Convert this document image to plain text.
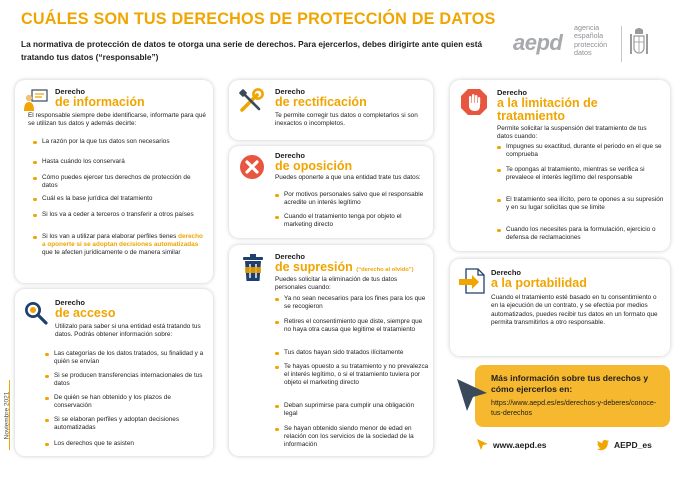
CUÁLES SON TUS DERECHOS DE PROTECCIÓN DE DATOS
La normativa de protección de datos te otorga una serie de derechos. Para ejercerlos, debes dirigirte ante quien está tratando tus datos (“responsable”)
aepd
agencia
española
protección
datos
Derecho
de información
El responsable siempre debe identificarse, informarte para qué se utilizan tus datos y además decirte:
La razón por la que tus datos son necesarios
Hasta cuándo los conservará
Cómo puedes ejercer tus derechos de protección de datos
Cuál es la base jurídica del tratamiento
Si los va a ceder a terceros o transferir a otros países
Si los van a utilizar para elaborar perfiles tienes derecho a oponerte si se adoptan decisiones automatizadas que te afecten jurídicamente o de manera similar
Derecho
de acceso
Utilizalo para saber si una entidad está tratando tus datos. Podrás obtener información sobre:
Las categorías de los datos tratados, su finalidad y a quién se envían
Si se producen transferencias internacionales de tus datos
De quién se han obtenido y los plazos de conservación
Si se elaboran perfiles y adoptan decisiones automatizadas
Los derechos que te asisten
Derecho
de rectificación
Te permite corregir tus datos o completarlos si son inexactos o incompletos.
Derecho
de oposición
Puedes oponerte a que una entidad trate tus datos:
Por motivos personales salvo que el responsable acredite un interés legítimo
Cuando el tratamiento tenga por objeto el marketing directo
Derecho
de supresión (“derecho al olvido”)
Puedes solicitar la eliminación de tus datos personales cuando:
Ya no sean necesarios para los fines para los que se recogieron
Retires el consentimiento que diste, siempre que no haya otra causa que legitime el tratamiento
Tus datos hayan sido tratados ilícitamente
Te hayas opuesto a su tratamiento y no prevalezca el interés legítimo, o si el tratamiento tuviera por objeto el marketing directo
Deban suprimirse para cumplir una obligación legal
Se hayan obtenido siendo menor de edad en relación con los servicios de la sociedad de la información
Derecho
a la limitación de
tratamiento
Permite solicitar la suspensión del tratamiento de tus datos cuando:
Impugnes su exactitud, durante el periodo en el que se comprueba
Te opongas al tratamiento, mientras se verifica si prevalece el interés legítimo del responsable
El tratamiento sea ilícito, pero te opones a su supresión y en su lugar solicitas que se limite
Cuando los necesites para la formulación, ejercicio o defensa de reclamaciones
Derecho
a la portabilidad
Cuando el tratamiento esté basado en tu consentimiento o en la ejecución de un contrato, y se efectúa por medios automatizados, puedes recibir tus datos en un formato que permita transmitirlos a otro responsable.
Más información sobre tus derechos y cómo ejercerlos en:
https://www.aepd.es/es/derechos-y-deberes/conoce-tus-derechos
www.aepd.es	AEPD_es
Noviembre 2021
